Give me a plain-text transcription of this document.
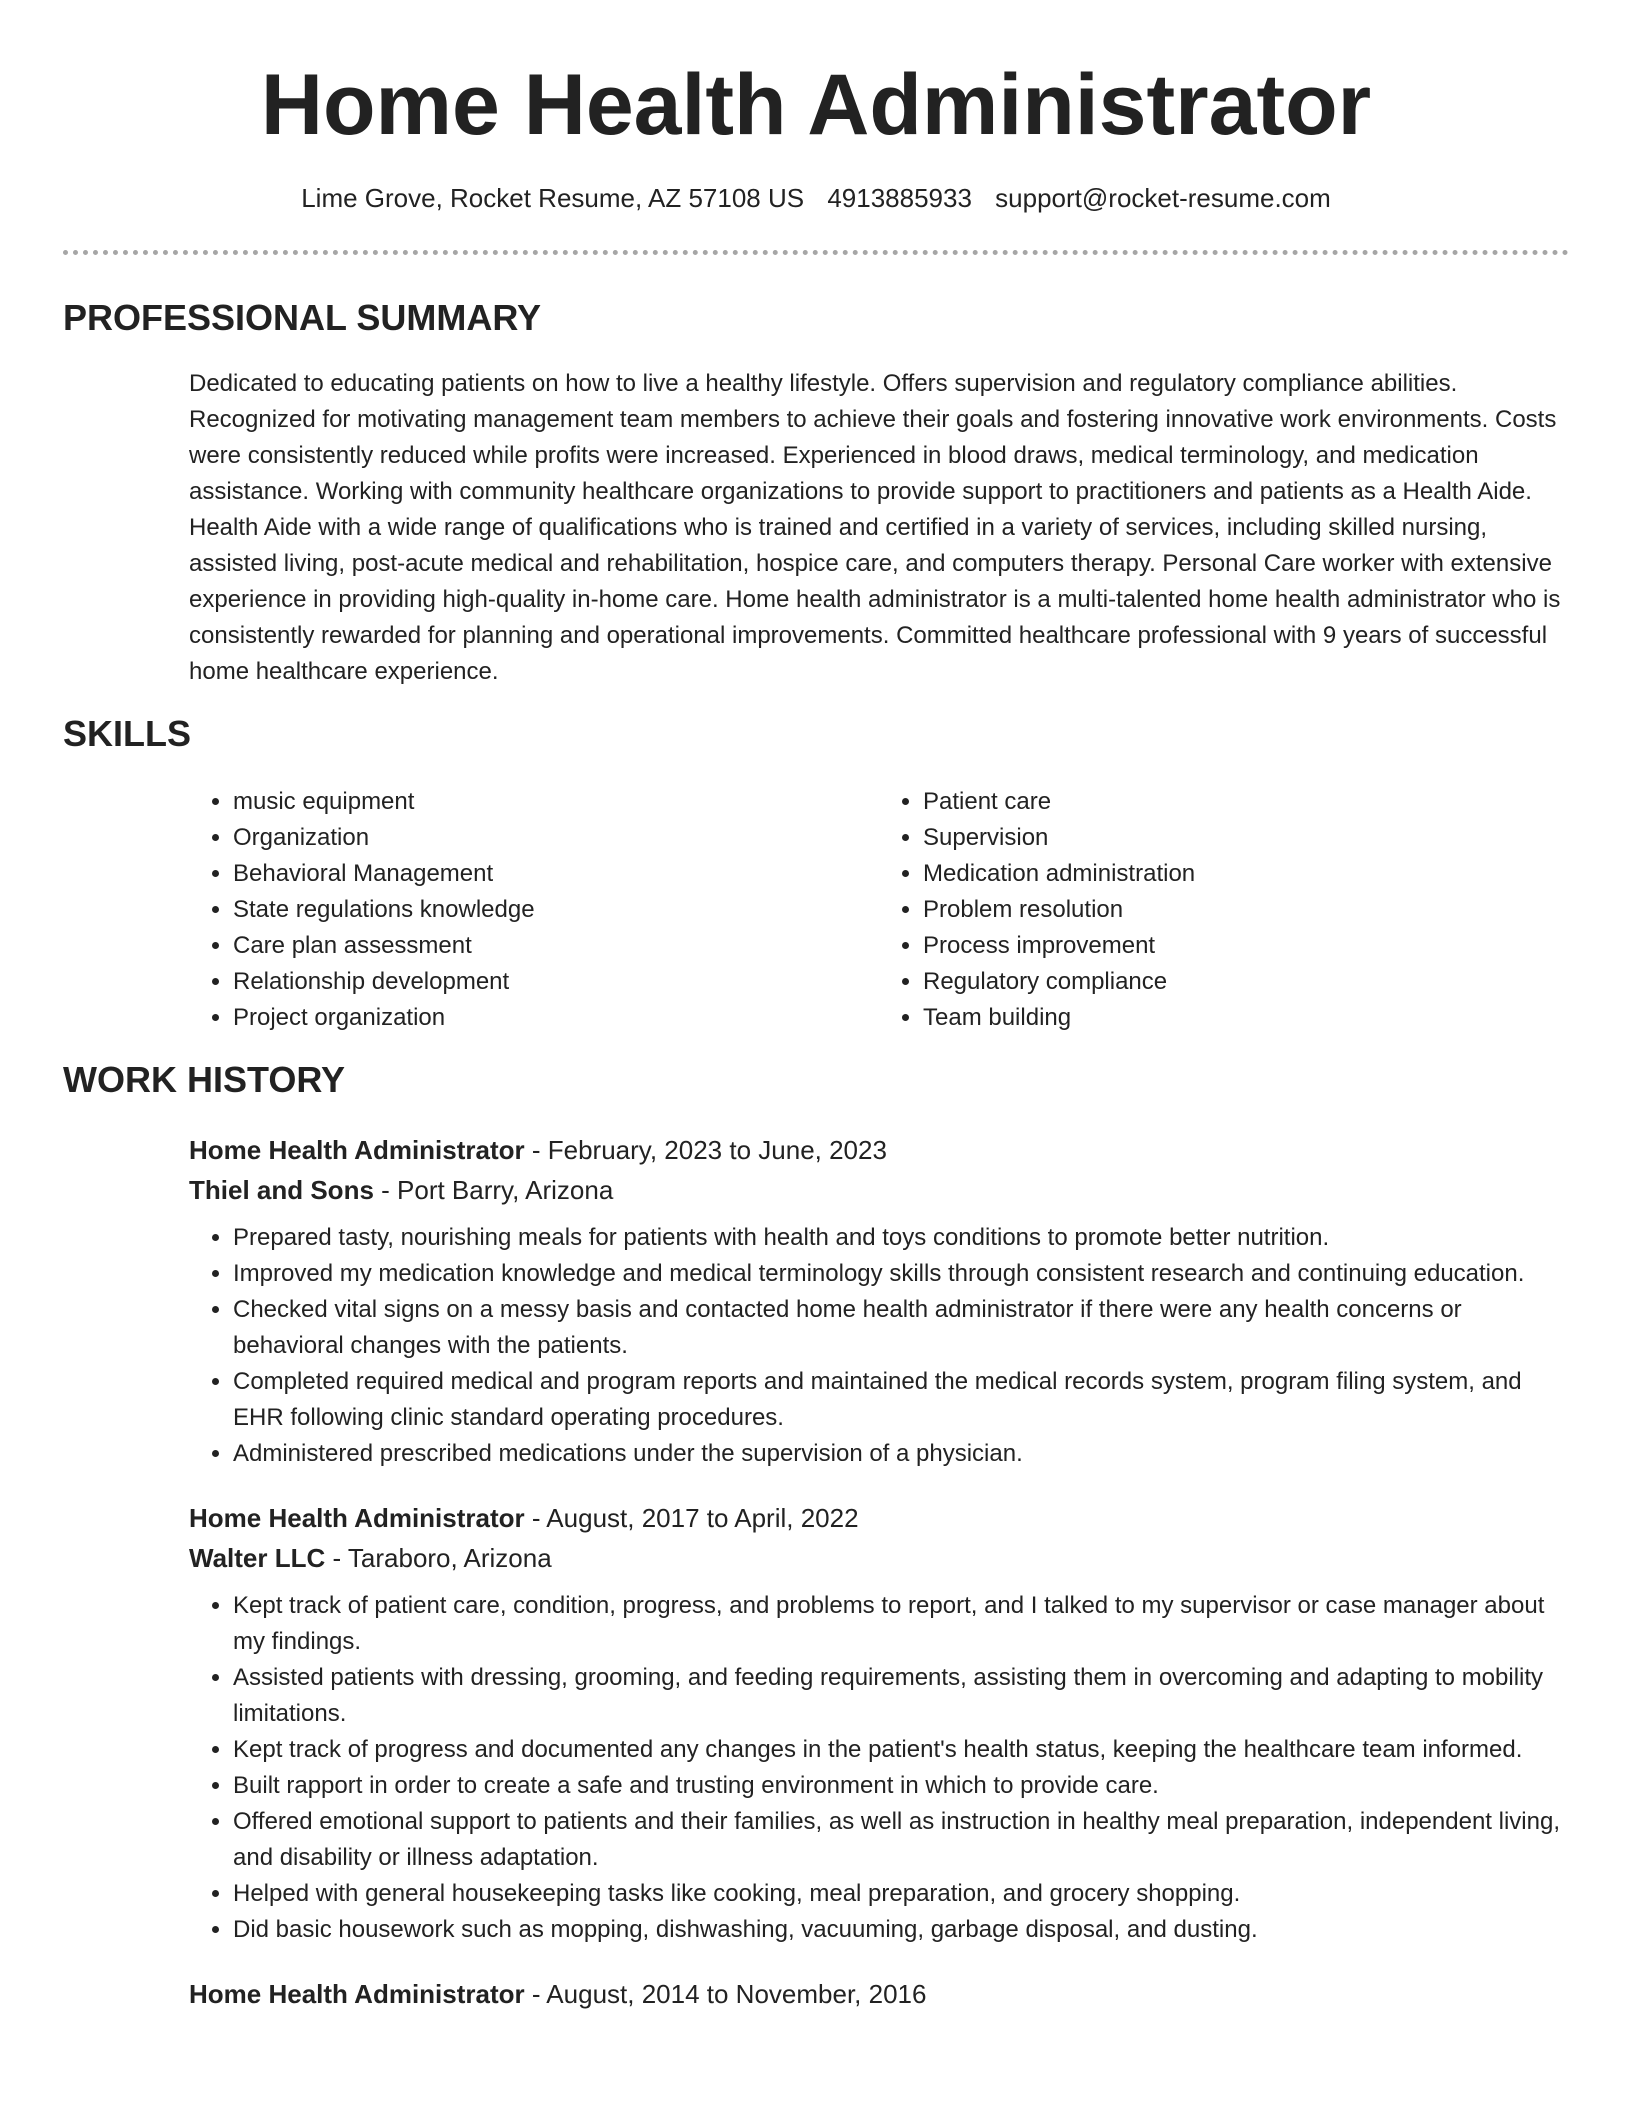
Home Health Administrator
Lime Grove, Rocket Resume, AZ 57108 US 4913885933 support@rocket-resume.com
PROFESSIONAL SUMMARY

Dedicated to educating patients on how to live a healthy lifestyle. Offers supervision and regulatory compliance abilities. Recognized for motivating management team members to achieve their goals and fostering innovative work environments. Costs were consistently reduced while profits were increased. Experienced in blood draws, medical terminology, and medication assistance. Working with community healthcare organizations to provide support to practitioners and patients as a Health Aide. Health Aide with a wide range of qualifications who is trained and certified in a variety of services, including skilled nursing, assisted living, post-acute medical and rehabilitation, hospice care, and computers therapy. Personal Care worker with extensive experience in providing high-quality in-home care. Home health administrator is a multi-talented home health administrator who is consistently rewarded for planning and operational improvements. Committed healthcare professional with 9 years of successful home healthcare experience.

SKILLS
• music equipment
• Organization
• Behavioral Management
• State regulations knowledge
• Care plan assessment
• Relationship development
• Project organization
• Patient care
• Supervision
• Medication administration
• Problem resolution
• Process improvement
• Regulatory compliance
• Team building
WORK HISTORY
Home Health Administrator - February, 2023 to June, 2023
Thiel and Sons - Port Barry, Arizona
• Prepared tasty, nourishing meals for patients with health and toys conditions to promote better nutrition.
• Improved my medication knowledge and medical terminology skills through consistent research and continuing education.
• Checked vital signs on a messy basis and contacted home health administrator if there were any health concerns or behavioral changes with the patients.
• Completed required medical and program reports and maintained the medical records system, program filing system, and EHR following clinic standard operating procedures.
• Administered prescribed medications under the supervision of a physician.
Home Health Administrator - August, 2017 to April, 2022
Walter LLC - Taraboro, Arizona
• Kept track of patient care, condition, progress, and problems to report, and I talked to my supervisor or case manager about my findings.
• Assisted patients with dressing, grooming, and feeding requirements, assisting them in overcoming and adapting to mobility limitations.
• Kept track of progress and documented any changes in the patient's health status, keeping the healthcare team informed.
• Built rapport in order to create a safe and trusting environment in which to provide care.
• Offered emotional support to patients and their families, as well as instruction in healthy meal preparation, independent living, and disability or illness adaptation.
• Helped with general housekeeping tasks like cooking, meal preparation, and grocery shopping.
• Did basic housework such as mopping, dishwashing, vacuuming, garbage disposal, and dusting.
Home Health Administrator - August, 2014 to November, 2016
